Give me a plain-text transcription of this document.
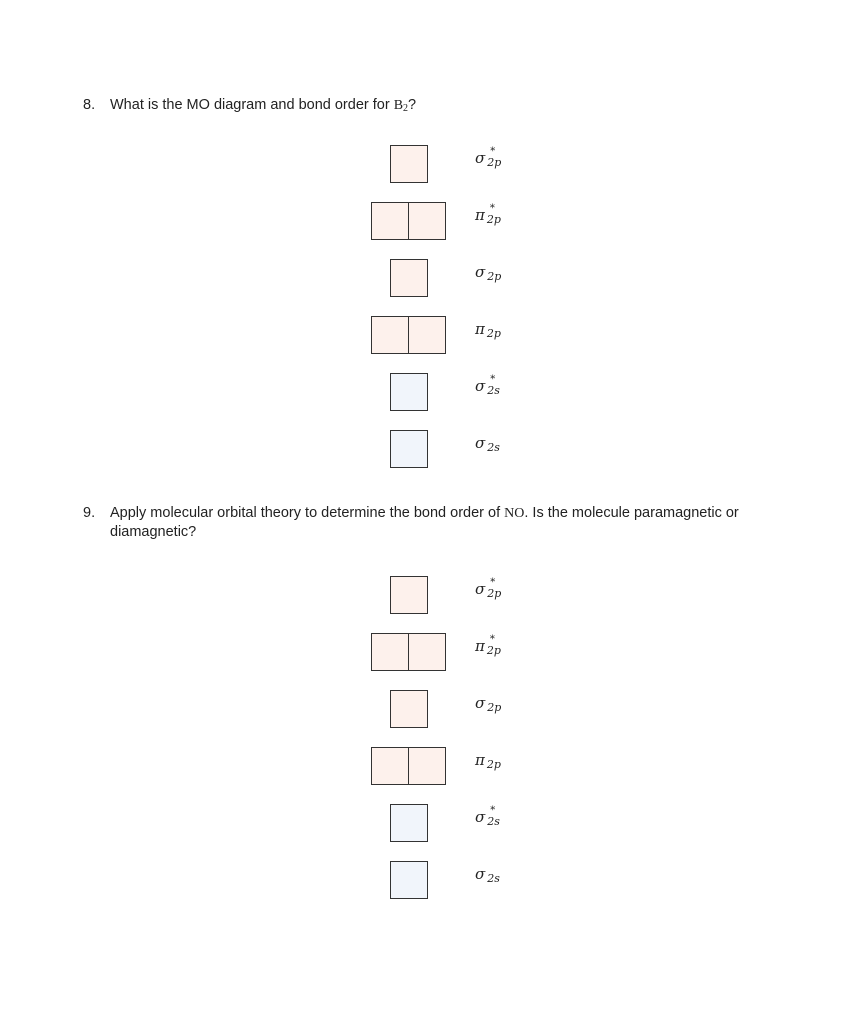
8. What is the MO diagram and bond order for $B_2$?
σ *
2p
π *
2p
σ 2p
π 2p
σ *
2s
σ 2s
9. Apply molecular orbital theory to determine the bond order of NO. Is the molecule paramagnetic or diamagnetic?
σ *
2p
π *
2p
σ 2p
π 2p
σ *
2s
σ 2s
